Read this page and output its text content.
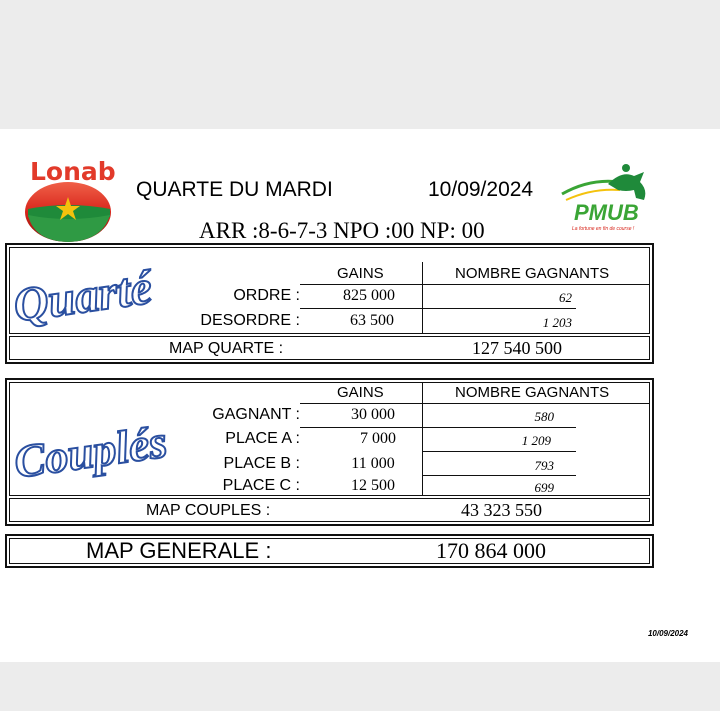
Lonab
QUARTE DU MARDI	10/09/2024
PMUB
La fortune en fin de course !
ARR :8-6-7-3 NPO :00 NP: 00
Quarté	GAINS	NOMBRE GAGNANTS
ORDRE :	825 000	62
DESORDRE :	63 500	1 203
MAP QUARTE :	127 540 500
Couplés
GAINS	NOMBRE GAGNANTS
GAGNANT :	30 000	580
PLACE A :	7 000	1 209
PLACE B :	11 000	793
PLACE C :	12 500	699
MAP COUPLES :	43 323 550
MAP GENERALE :	170 864 000
10/09/2024
